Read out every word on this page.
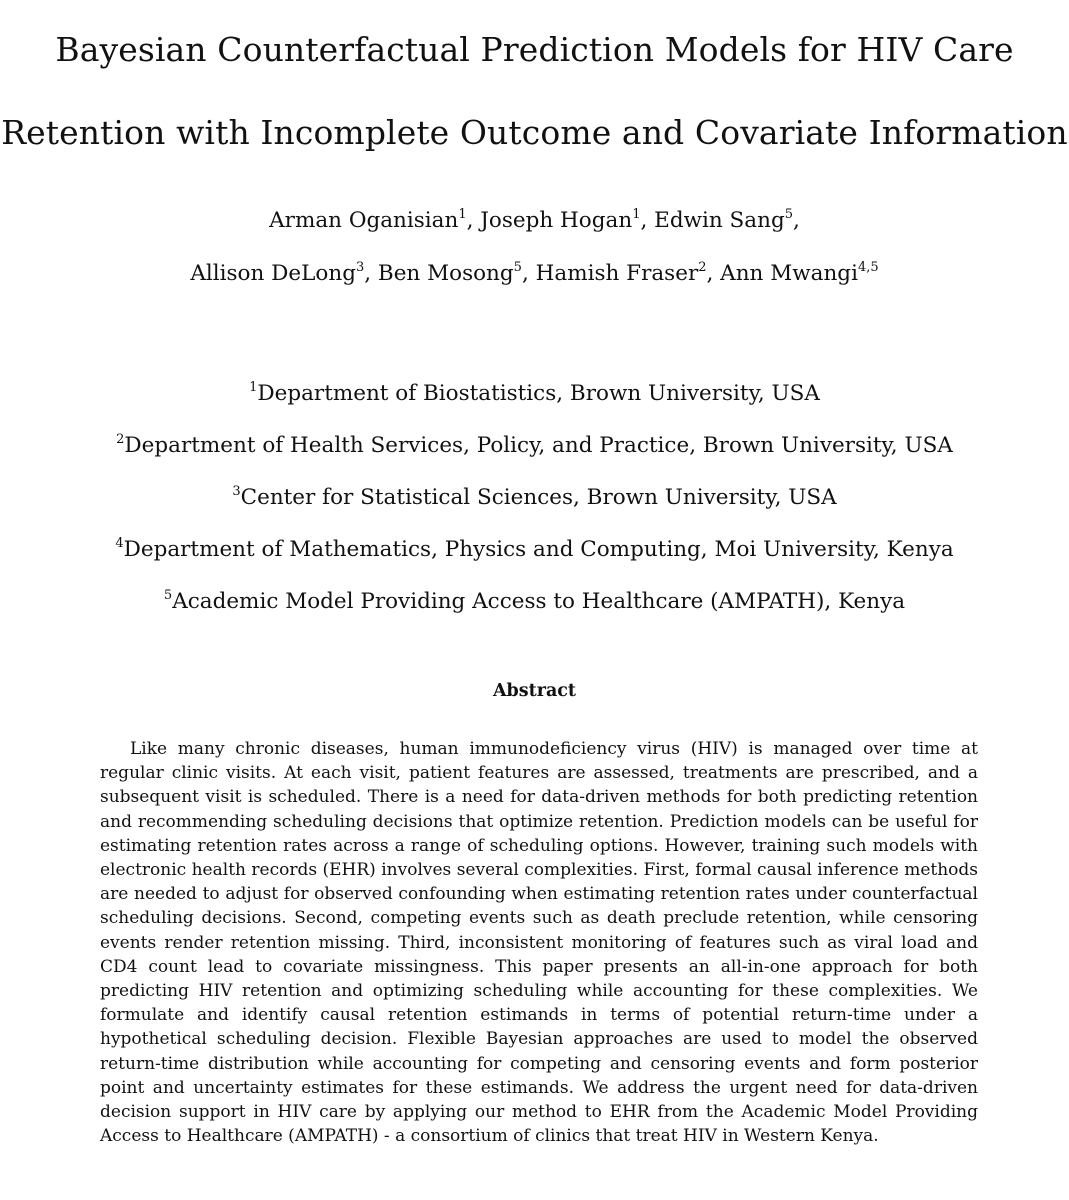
Bayesian Counterfactual Prediction Models for HIV Care
Retention with Incomplete Outcome and Covariate Information
Arman Oganisian$^1$, Joseph Hogan$^1$, Edwin Sang$^5$,
Allison DeLong$^3$, Ben Mosong$^5$, Hamish Fraser$^2$, Ann Mwangi$^{4,5}$
$^1$Department of Biostatistics, Brown University, USA
$^2$Department of Health Services, Policy, and Practice, Brown University, USA
$^3$Center for Statistical Sciences, Brown University, USA
$^4$Department of Mathematics, Physics and Computing, Moi University, Kenya
$^5$Academic Model Providing Access to Healthcare (AMPATH), Kenya
Abstract

Like many chronic diseases, human immunodeficiency virus (HIV) is managed over time at regular clinic visits. At each visit, patient features are assessed, treatments are prescribed, and a subsequent visit is scheduled. There is a need for data-driven methods for both predicting retention and recommending scheduling decisions that optimize retention. Prediction models can be useful for estimating retention rates across a range of scheduling options. However, training such models with electronic health records (EHR) involves several complexities. First, formal causal inference methods are needed to adjust for observed confounding when estimating retention rates under counterfactual scheduling decisions. Second, competing events such as death preclude retention, while censoring events render retention missing. Third, inconsistent monitoring of features such as viral load and CD4 count lead to covariate missingness. This paper presents an all-in-one approach for both predicting HIV retention and optimizing scheduling while accounting for these complexities. We formulate and identify causal retention estimands in terms of potential return-time under a hypothetical scheduling decision. Flexible Bayesian approaches are used to model the observed return-time distribution while accounting for competing and censoring events and form posterior point and uncertainty estimates for these estimands. We address the urgent need for data-driven decision support in HIV care by applying our method to EHR from the Academic Model Providing Access to Healthcare (AMPATH) - a consortium of clinics that treat HIV in Western Kenya.
